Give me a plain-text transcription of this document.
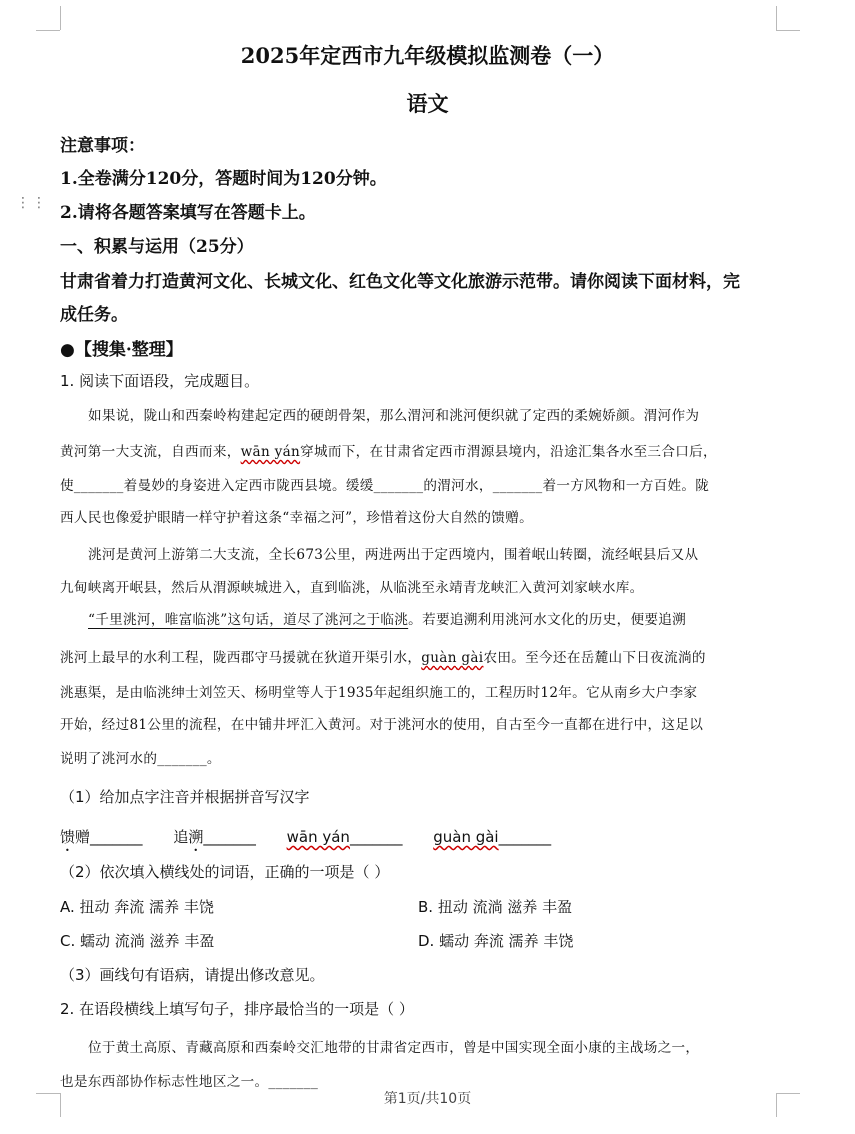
⋮⋮
2025年定西市九年级模拟监测卷（一）
语文
注意事项：
1.全卷满分120分，答题时间为120分钟。
2.请将各题答案填写在答题卡上。
一、积累与运用（25分）
甘肃省着力打造黄河文化、长城文化、红色文化等文化旅游示范带。请你阅读下面材料，完
成任务。
●【搜集·整理】
1. 阅读下面语段，完成题目。
如果说，陇山和西秦岭构建起定西的硬朗骨架，那么渭河和洮河便织就了定西的柔婉娇颜。渭河作为
黄河第一大支流，自西而来，wān yán穿城而下，在甘肃省定西市渭源县境内，沿途汇集各水至三合口后，
使_______着曼妙的身姿进入定西市陇西县境。缓缓_______的渭河水，_______着一方风物和一方百姓。陇
西人民也像爱护眼睛一样守护着这条“幸福之河”，珍惜着这份大自然的馈赠。
洮河是黄河上游第二大支流，全长673公里，两进两出于定西境内，围着岷山转圈，流经岷县后又从
九甸峡离开岷县，然后从渭源峡城进入，直到临洮，从临洮至永靖青龙峡汇入黄河刘家峡水库。
“千里洮河，唯富临洮”这句话，道尽了洮河之于临洮。若要追溯利用洮河水文化的历史，便要追溯
洮河上最早的水利工程，陇西郡守马援就在狄道开渠引水，guàn gài农田。至今还在岳麓山下日夜流淌的
洮惠渠，是由临洮绅士刘笠天、杨明堂等人于1935年起组织施工的，工程历时12年。它从南乡大户李家
开始，经过81公里的流程，在中铺井坪汇入黄河。对于洮河水的使用，自古至今一直都在进行中，这足以
说明了洮河水的_______。
（1）给加点字注音并根据拼音写汉字
馈赠_______ 追溯_______ wān yán_______ guàn gài_______
（2）依次填入横线处的词语，正确的一项是（ ）
A. 扭动 奔流 濡养 丰饶	B. 扭动 流淌 滋养 丰盈
C. 蠕动 流淌 滋养 丰盈	D. 蠕动 奔流 濡养 丰饶
（3）画线句有语病，请提出修改意见。
2. 在语段横线上填写句子，排序最恰当的一项是（ ）
位于黄土高原、青藏高原和西秦岭交汇地带的甘肃省定西市，曾是中国实现全面小康的主战场之一，
也是东西部协作标志性地区之一。_______
第1页/共10页
